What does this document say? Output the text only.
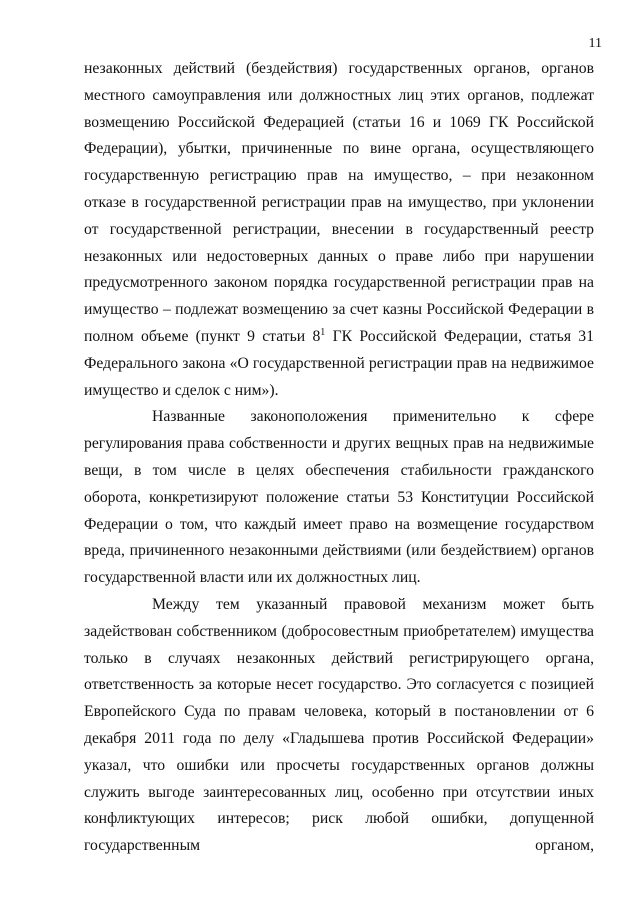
11

незаконных действий (бездействия) государственных органов, органов местного самоуправления или должностных лиц этих органов, подлежат возмещению Российской Федерацией (статьи 16 и 1069 ГК Российской Федерации), убытки, причиненные по вине органа, осуществляющего государственную регистрацию прав на имущество, – при незаконном отказе в государственной регистрации прав на имущество, при уклонении от государственной регистрации, внесении в государственный реестр незаконных или недостоверных данных о праве либо при нарушении предусмотренного законом порядка государственной регистрации прав на имущество – подлежат возмещению за счет казны Российской Федерации в полном объеме (пункт 9 статьи $8^1$ ГК Российской Федерации, статья 31 Федерального закона «О государственной регистрации прав на недвижимое имущество и сделок с ним»).

Названные законоположения применительно к сфере регулирования права собственности и других вещных прав на недвижимые вещи, в том числе в целях обеспечения стабильности гражданского оборота, конкретизируют положение статьи 53 Конституции Российской Федерации о том, что каждый имеет право на возмещение государством вреда, причиненного незаконными действиями (или бездействием) органов государственной власти или их должностных лиц.

Между тем указанный правовой механизм может быть задействован собственником (добросовестным приобретателем) имущества только в случаях незаконных действий регистрирующего органа, ответственность за которые несет государство. Это согласуется с позицией Европейского Суда по правам человека, который в постановлении от 6 декабря 2011 года по делу «Гладышева против Российской Федерации» указал, что ошибки или просчеты государственных органов должны служить выгоде заинтересованных лиц, особенно при отсутствии иных конфликтующих интересов; риск любой ошибки, допущенной государственным органом,
